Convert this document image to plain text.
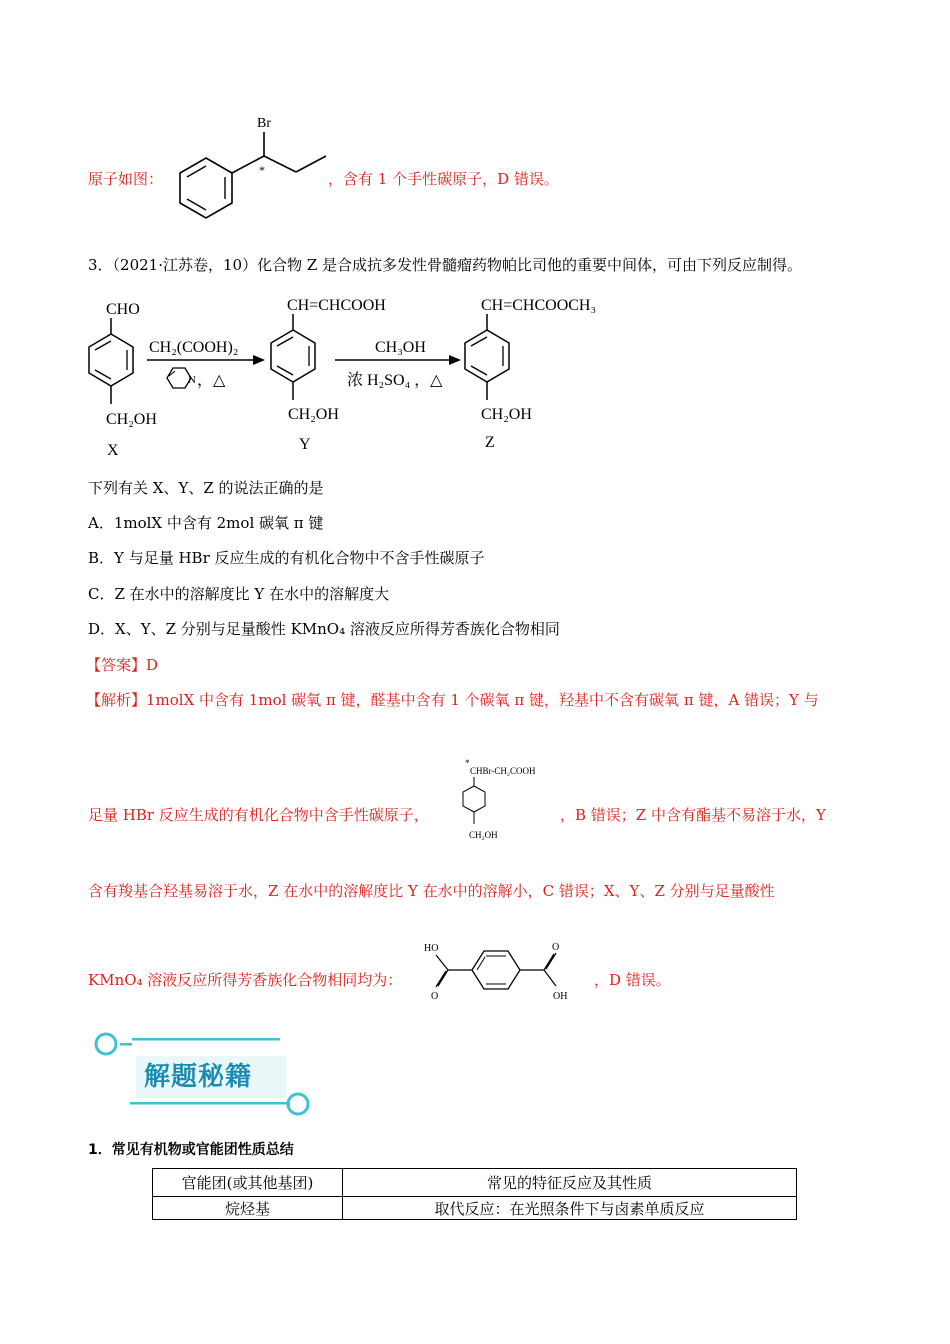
原子如图：
Br
*	，含有 1 个手性碳原子，D 错误。
3．（2021·江苏卷，10）化合物 Z 是合成抗多发性骨髓瘤药物帕比司他的重要中间体，可由下列反应制得。
CHO
CH₂OH
X
CH₂(COOH)₂
N ，△
CH=CHCOOH
CH₂OH
Y
CH₃OH
浓 H₂SO₄ ，△
CH=CHCOOCH₃
CH₂OH
Z
下列有关 X、Y、Z 的说法正确的是
A．1molX 中含有 2mol 碳氧 π 键
B．Y 与足量 HBr 反应生成的有机化合物中不含手性碳原子
C．Z 在水中的溶解度比 Y 在水中的溶解度大
D．X、Y、Z 分别与足量酸性 KMnO₄ 溶液反应所得芳香族化合物相同
【答案】D
【解析】1molX 中含有 1mol 碳氧 π 键，醛基中含有 1 个碳氧 π 键，羟基中不含有碳氧 π 键，A 错误；Y 与
足量 HBr 反应生成的有机化合物中含手性碳原子，
*
CHBr-CH₂COOH
CH₂OH
，B 错误；Z 中含有酯基不易溶于水，Y
含有羧基合羟基易溶于水，Z 在水中的溶解度比 Y 在水中的溶解小，C 错误；X、Y、Z 分别与足量酸性
KMnO₄ 溶液反应所得芳香族化合物相同均为：
HO
O
O
OH
，D 错误。
解题秘籍
1．常见有机物或官能团性质总结
官能团(或其他基团)	常见的特征反应及其性质
烷烃基	取代反应：在光照条件下与卤素单质反应
